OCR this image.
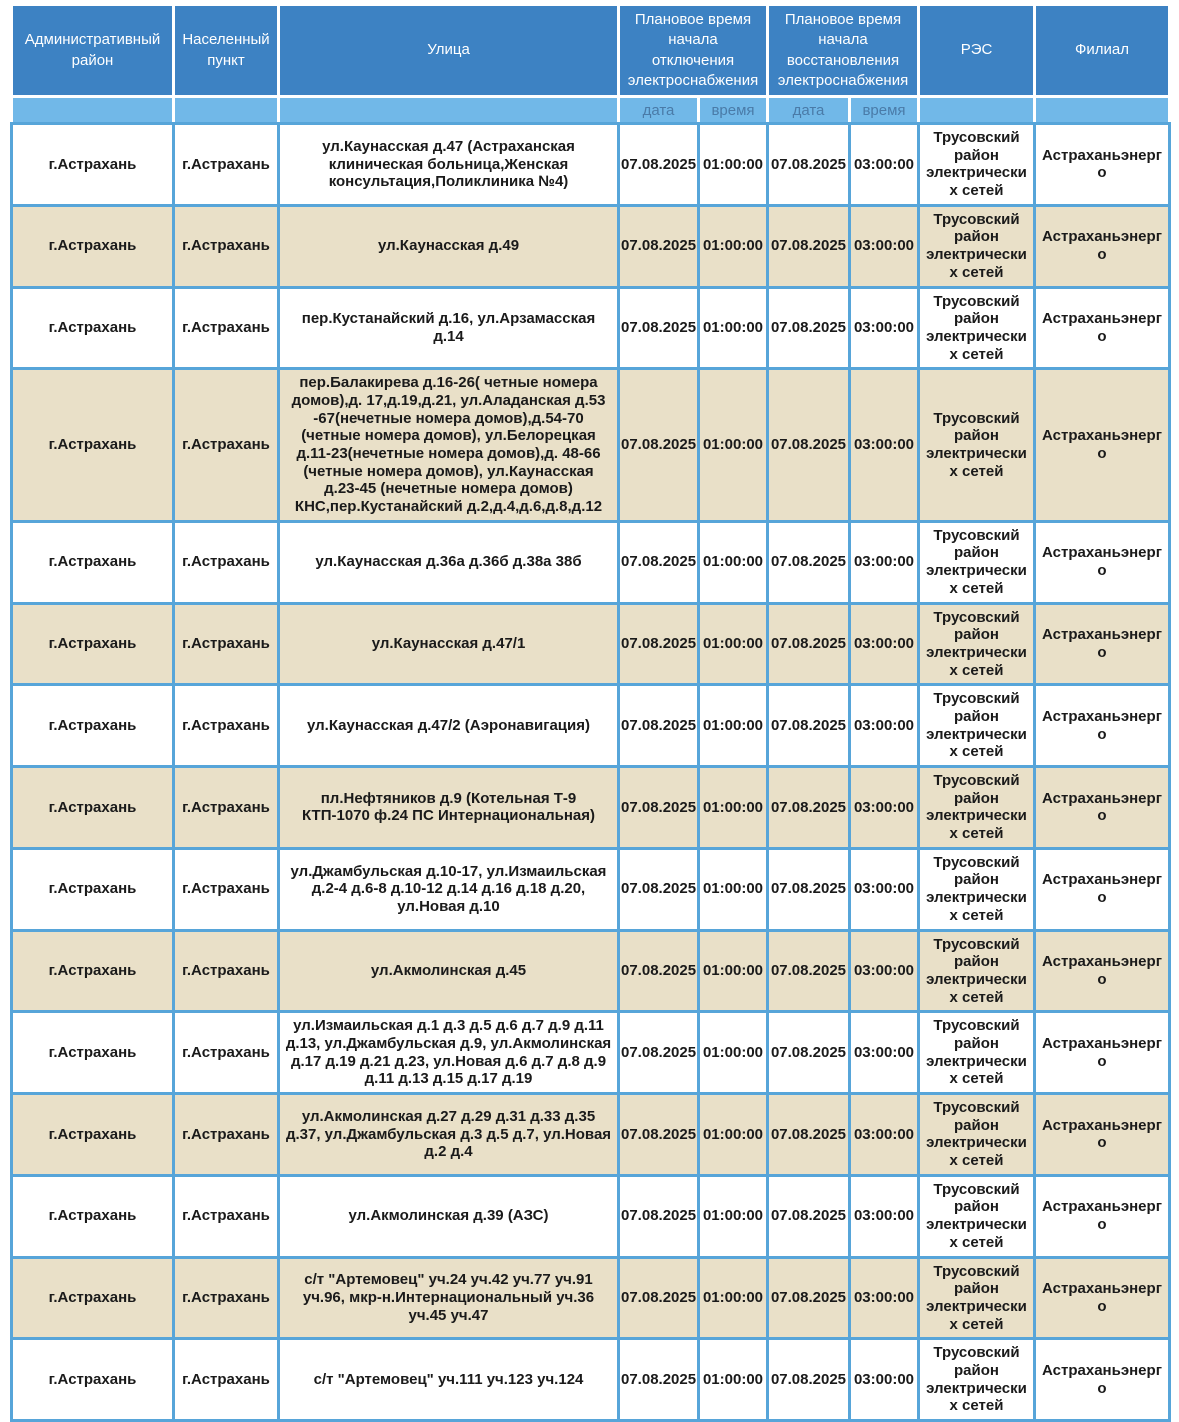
Административный район	Населенный пункт	Улица	Плановое время начала отключения электроснабжения		Плановое время начала восстановления электроснабжения		РЭС	Филиал
			дата	время	дата	время		
г.Астрахань	г.Астрахань	ул.Каунасская д.47 (Астраханская клиническая больница,Женская консультация,Поликлиника №4)	07.08.2025	01:00:00	07.08.2025	03:00:00	Трусовский район электрических сетей	Астраханьэнерго
г.Астрахань	г.Астрахань	ул.Каунасская д.49	07.08.2025	01:00:00	07.08.2025	03:00:00	Трусовский район электрических сетей	Астраханьэнерго
г.Астрахань	г.Астрахань	пер.Кустанайский д.16, ул.Арзамасская д.14	07.08.2025	01:00:00	07.08.2025	03:00:00	Трусовский район электрических сетей	Астраханьэнерго
г.Астрахань	г.Астрахань	пер.Балакирева д.16-26( четные номера домов),д. 17,д.19,д.21, ул.Аладанская д.53 -67(нечетные номера домов),д.54-70 (четные номера домов), ул.Белорецкая д.11-23(нечетные номера домов),д. 48-66 (четные номера домов), ул.Каунасская д.23-45 (нечетные номера домов) КНС,пер.Кустанайский д.2,д.4,д.6,д.8,д.12	07.08.2025	01:00:00	07.08.2025	03:00:00	Трусовский район электрических сетей	Астраханьэнерго
г.Астрахань	г.Астрахань	ул.Каунасская д.36а д.36б д.38а 38б	07.08.2025	01:00:00	07.08.2025	03:00:00	Трусовский район электрических сетей	Астраханьэнерго
г.Астрахань	г.Астрахань	ул.Каунасская д.47/1	07.08.2025	01:00:00	07.08.2025	03:00:00	Трусовский район электрических сетей	Астраханьэнерго
г.Астрахань	г.Астрахань	ул.Каунасская д.47/2 (Аэронавигация)	07.08.2025	01:00:00	07.08.2025	03:00:00	Трусовский район электрических сетей	Астраханьэнерго
г.Астрахань	г.Астрахань	пл.Нефтяников д.9 (Котельная Т-9 КТП-1070 ф.24 ПС Интернациональная)	07.08.2025	01:00:00	07.08.2025	03:00:00	Трусовский район электрических сетей	Астраханьэнерго
г.Астрахань	г.Астрахань	ул.Джамбульская д.10-17, ул.Измаильская д.2-4 д.6-8 д.10-12 д.14 д.16 д.18 д.20, ул.Новая д.10	07.08.2025	01:00:00	07.08.2025	03:00:00	Трусовский район электрических сетей	Астраханьэнерго
г.Астрахань	г.Астрахань	ул.Акмолинская д.45	07.08.2025	01:00:00	07.08.2025	03:00:00	Трусовский район электрических сетей	Астраханьэнерго
г.Астрахань	г.Астрахань	ул.Измаильская д.1 д.3 д.5 д.6 д.7 д.9 д.11 д.13, ул.Джамбульская д.9, ул.Акмолинская д.17 д.19 д.21 д.23, ул.Новая д.6 д.7 д.8 д.9 д.11 д.13 д.15 д.17 д.19	07.08.2025	01:00:00	07.08.2025	03:00:00	Трусовский район электрических сетей	Астраханьэнерго
г.Астрахань	г.Астрахань	ул.Акмолинская д.27 д.29 д.31 д.33 д.35 д.37, ул.Джамбульская д.3 д.5 д.7, ул.Новая д.2 д.4	07.08.2025	01:00:00	07.08.2025	03:00:00	Трусовский район электрических сетей	Астраханьэнерго
г.Астрахань	г.Астрахань	ул.Акмолинская д.39 (АЗС)	07.08.2025	01:00:00	07.08.2025	03:00:00	Трусовский район электрических сетей	Астраханьэнерго
г.Астрахань	г.Астрахань	с/т "Артемовец" уч.24 уч.42 уч.77 уч.91 уч.96, мкр-н.Интернациональный уч.36 уч.45 уч.47	07.08.2025	01:00:00	07.08.2025	03:00:00	Трусовский район электрических сетей	Астраханьэнерго
г.Астрахань	г.Астрахань	с/т "Артемовец" уч.111 уч.123 уч.124	07.08.2025	01:00:00	07.08.2025	03:00:00	Трусовский район электрических сетей	Астраханьэнерго
